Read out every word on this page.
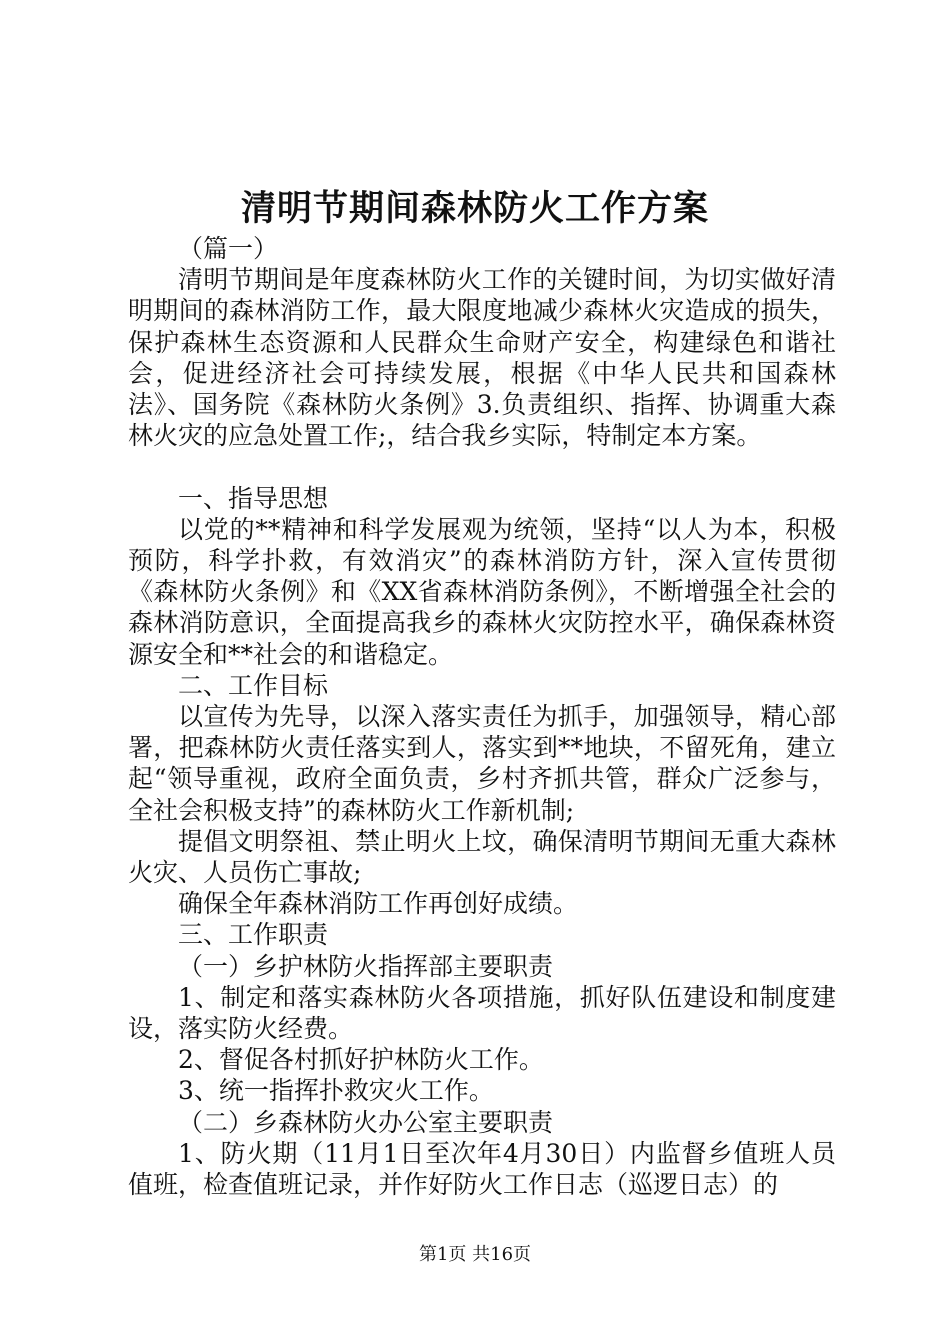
清明节期间森林防火工作方案

（篇一）

清明节期间是年度森林防火工作的关键时间，为切实做好清明期间的森林消防工作，最大限度地减少森林火灾造成的损失，保护森林生态资源和人民群众生命财产安全，构建绿色和谐社会，促进经济社会可持续发展，根据《中华人民共和国森林法》、国务院《森林防火条例》3.负责组织、指挥、协调重大森林火灾的应急处置工作;，结合我乡实际，特制定本方案。

一、指导思想

以党的**精神和科学发展观为统领，坚持“以人为本，积极预防，科学扑救，有效消灾”的森林消防方针，深入宣传贯彻《森林防火条例》和《XX省森林消防条例》，不断增强全社会的森林消防意识，全面提高我乡的森林火灾防控水平，确保森林资源安全和**社会的和谐稳定。

二、工作目标

以宣传为先导，以深入落实责任为抓手，加强领导，精心部署，把森林防火责任落实到人，落实到**地块，不留死角，建立起“领导重视，政府全面负责，乡村齐抓共管，群众广泛参与，全社会积极支持”的森林防火工作新机制;

提倡文明祭祖、禁止明火上坟，确保清明节期间无重大森林火灾、人员伤亡事故;

确保全年森林消防工作再创好成绩。

三、工作职责

（一）乡护林防火指挥部主要职责

1、制定和落实森林防火各项措施，抓好队伍建设和制度建设，落实防火经费。

2、督促各村抓好护林防火工作。

3、统一指挥扑救灾火工作。

（二）乡森林防火办公室主要职责

1、防火期（11月1日至次年4月30日）内监督乡值班人员值班，检查值班记录，并作好防火工作日志（巡逻日志）的

第1页 共16页
